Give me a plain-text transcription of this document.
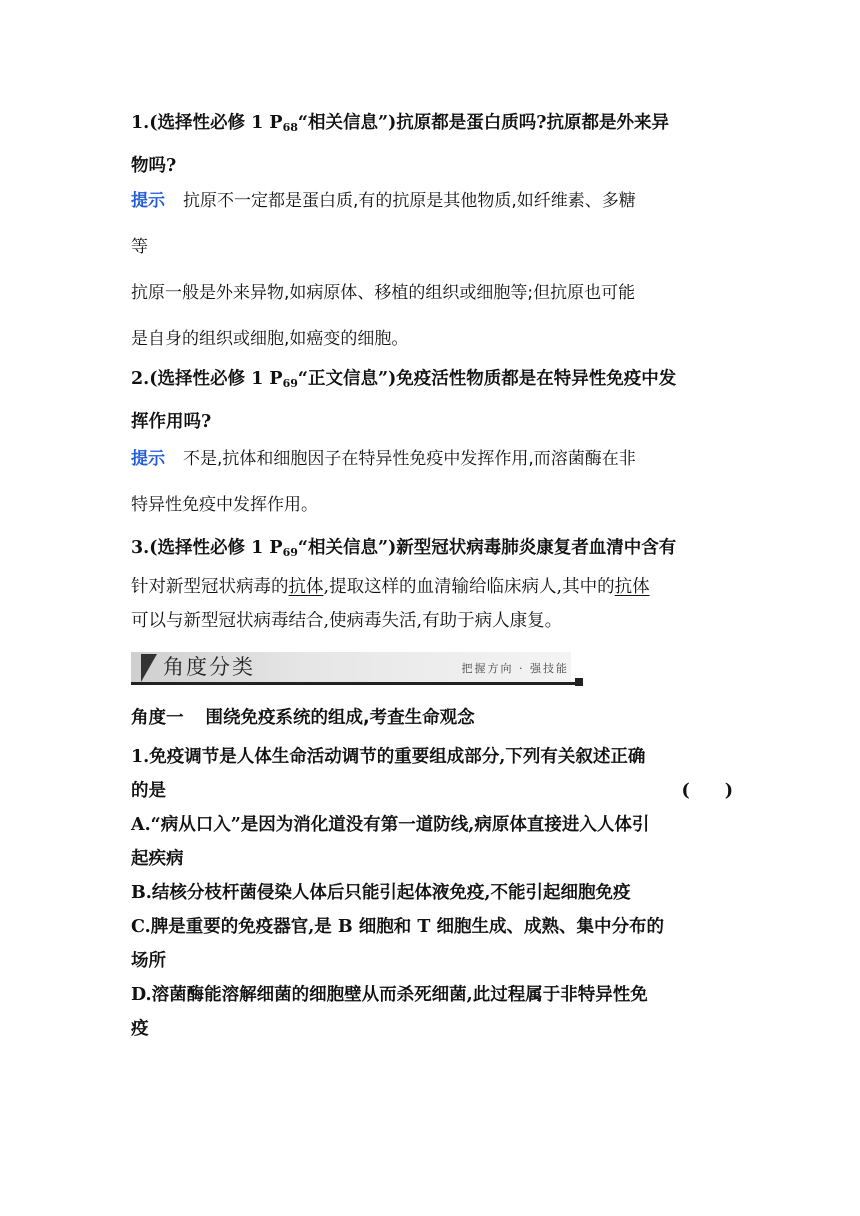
1.(选择性必修 1 $P_{68}“$相关信息”)抗原都是蛋白质吗?抗原都是外来异
物吗?
提示 抗原不一定都是蛋白质,有的抗原是其他物质,如纤维素、多糖
等
抗原一般是外来异物,如病原体、移植的组织或细胞等;但抗原也可能
是自身的组织或细胞,如癌变的细胞。
2.(选择性必修 1 $P_{69}“$正文信息”)免疫活性物质都是在特异性免疫中发
挥作用吗?
提示 不是,抗体和细胞因子在特异性免疫中发挥作用,而溶菌酶在非
特异性免疫中发挥作用。
3.(选择性必修 1 $P_{69}“$相关信息”)新型冠状病毒肺炎康复者血清中含有
针对新型冠状病毒的抗体,提取这样的血清输给临床病人,其中的抗体
可以与新型冠状病毒结合,使病毒失活,有助于病人康复。
角度分类	把握方向 · 强技能
角度一 围绕免疫系统的组成,考查生命观念
1.免疫调节是人体生命活动调节的重要组成部分,下列有关叙述正确
的是	(　　)
A.“病从口入”是因为消化道没有第一道防线,病原体直接进入人体引
起疾病
B.结核分枝杆菌侵染人体后只能引起体液免疫,不能引起细胞免疫
C.脾是重要的免疫器官,是 B 细胞和 T 细胞生成、成熟、集中分布的
场所
D.溶菌酶能溶解细菌的细胞壁从而杀死细菌,此过程属于非特异性免
疫
